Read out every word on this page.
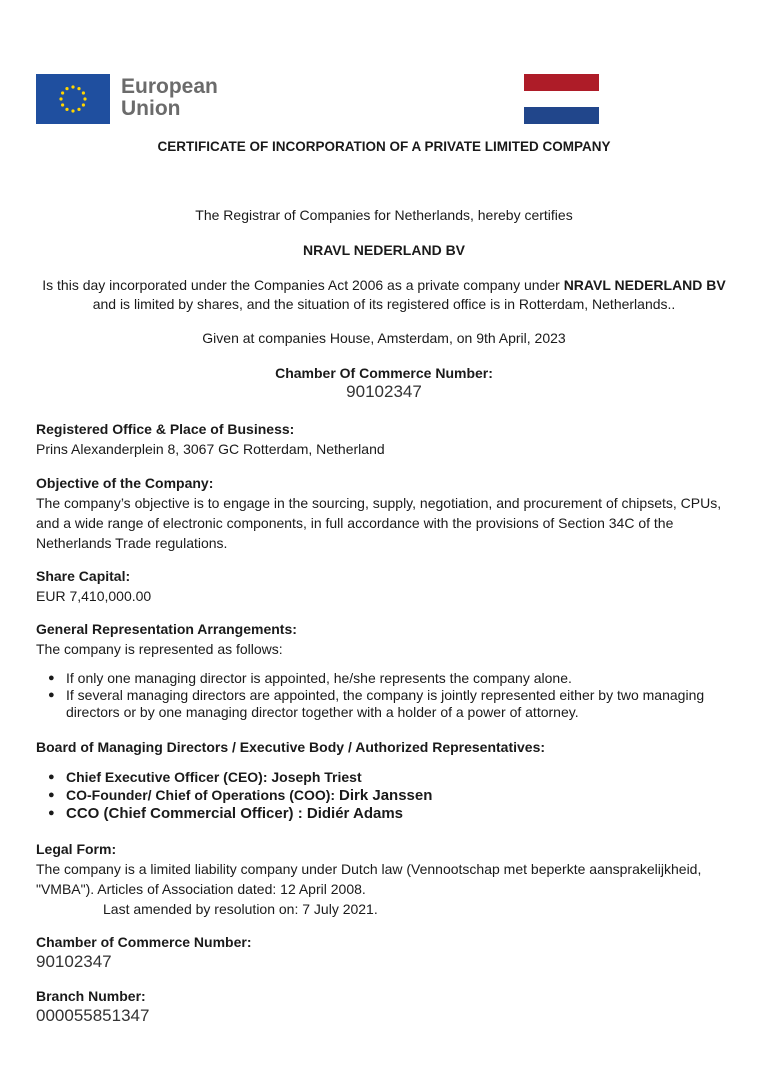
European
Union
CERTIFICATE OF INCORPORATION OF A PRIVATE LIMITED COMPANY
The Registrar of Companies for Netherlands, hereby certifies
NRAVL NEDERLAND BV
Is this day incorporated under the Companies Act 2006 as a private company under NRAVL NEDERLAND BV
and is limited by shares, and the situation of its registered office is in Rotterdam, Netherlands..
Given at companies House, Amsterdam, on 9th April, 2023
Chamber Of Commerce Number:
90102347
Registered Office & Place of Business:
Prins Alexanderplein 8, 3067 GC Rotterdam, Netherland
Objective of the Company:
The company’s objective is to engage in the sourcing, supply, negotiation, and procurement of chipsets, CPUs,
and a wide range of electronic components, in full accordance with the provisions of Section 34C of the
Netherlands Trade regulations.
Share Capital:
EUR 7,410,000.00
General Representation Arrangements:
The company is represented as follows:
● If only one managing director is appointed, he/she represents the company alone.
● If several managing directors are appointed, the company is jointly represented either by two managing
directors or by one managing director together with a holder of a power of attorney.
Board of Managing Directors / Executive Body / Authorized Representatives:
● Chief Executive Officer (CEO): Joseph Triest
● CO-Founder/ Chief of Operations (COO): Dirk Janssen
● CCO (Chief Commercial Officer) : Didiér Adams
Legal Form:
The company is a limited liability company under Dutch law (Vennootschap met beperkte aansprakelijkheid,
"VMBA"). Articles of Association dated: 12 April 2008.
Last amended by resolution on: 7 July 2021.
Chamber of Commerce Number:
90102347
Branch Number:
000055851347
